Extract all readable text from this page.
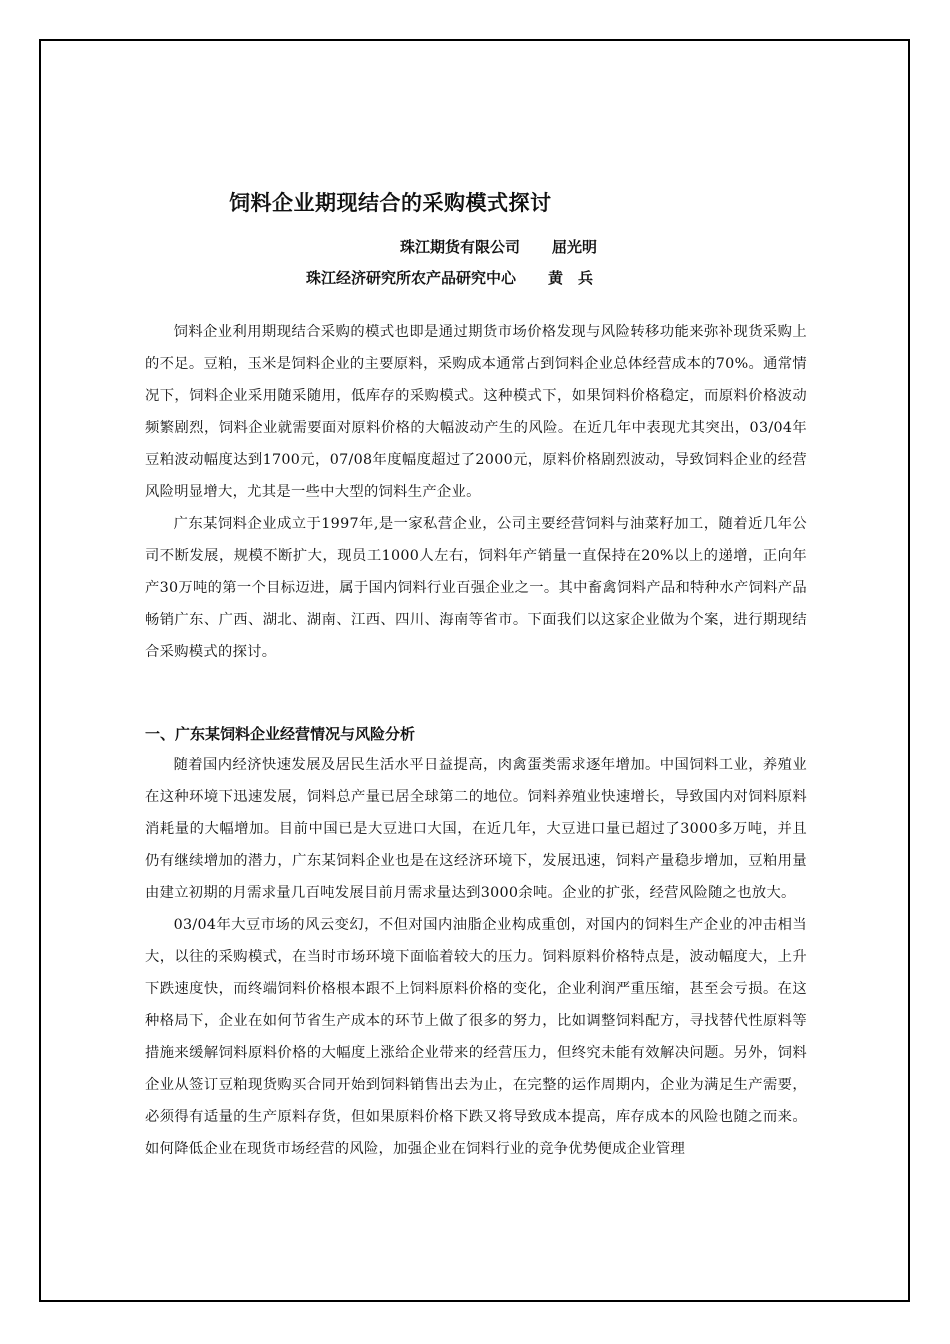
饲料企业期现结合的采购模式探讨
珠江期货有限公司 屈光明
珠江经济研究所农产品研究中心 黄　兵

饲料企业利用期现结合采购的模式也即是通过期货市场价格发现与风险转移功能来弥补现货采购上的不足。豆粕，玉米是饲料企业的主要原料，采购成本通常占到饲料企业总体经营成本的70%。通常情况下，饲料企业采用随采随用，低库存的采购模式。这种模式下，如果饲料价格稳定，而原料价格波动频繁剧烈，饲料企业就需要面对原料价格的大幅波动产生的风险。在近几年中表现尤其突出，03/04年豆粕波动幅度达到1700元，07/08年度幅度超过了2000元，原料价格剧烈波动，导致饲料企业的经营风险明显增大，尤其是一些中大型的饲料生产企业。

广东某饲料企业成立于1997年,是一家私营企业，公司主要经营饲料与油菜籽加工，随着近几年公司不断发展，规模不断扩大，现员工1000人左右，饲料年产销量一直保持在20%以上的递增，正向年产30万吨的第一个目标迈进，属于国内饲料行业百强企业之一。其中畜禽饲料产品和特种水产饲料产品畅销广东、广西、湖北、湖南、江西、四川、海南等省市。下面我们以这家企业做为个案，进行期现结合采购模式的探讨。

一、广东某饲料企业经营情况与风险分析

随着国内经济快速发展及居民生活水平日益提高，肉禽蛋类需求逐年增加。中国饲料工业，养殖业在这种环境下迅速发展，饲料总产量已居全球第二的地位。饲料养殖业快速增长，导致国内对饲料原料消耗量的大幅增加。目前中国已是大豆进口大国，在近几年，大豆进口量已超过了3000多万吨，并且仍有继续增加的潜力，广东某饲料企业也是在这经济环境下，发展迅速，饲料产量稳步增加，豆粕用量由建立初期的月需求量几百吨发展目前月需求量达到3000余吨。企业的扩张，经营风险随之也放大。

03/04年大豆市场的风云变幻，不但对国内油脂企业构成重创，对国内的饲料生产企业的冲击相当大，以往的采购模式，在当时市场环境下面临着较大的压力。饲料原料价格特点是，波动幅度大，上升下跌速度快，而终端饲料价格根本跟不上饲料原料价格的变化，企业利润严重压缩，甚至会亏损。在这种格局下，企业在如何节省生产成本的环节上做了很多的努力，比如调整饲料配方，寻找替代性原料等措施来缓解饲料原料价格的大幅度上涨给企业带来的经营压力，但终究未能有效解决问题。另外，饲料企业从签订豆粕现货购买合同开始到饲料销售出去为止，在完整的运作周期内，企业为满足生产需要，必须得有适量的生产原料存货，但如果原料价格下跌又将导致成本提高，库存成本的风险也随之而来。如何降低企业在现货市场经营的风险，加强企业在饲料行业的竞争优势便成企业管理
